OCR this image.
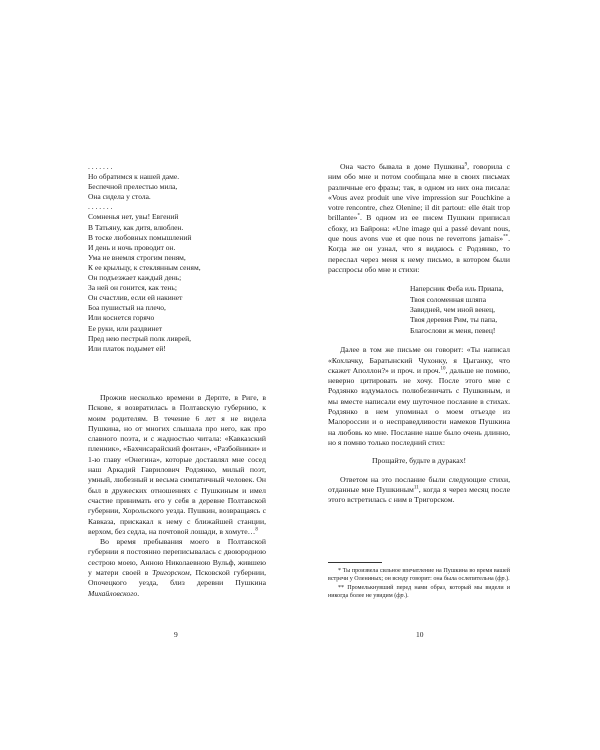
. . . . . . .
Но обратимся к нашей даме.
Беспечной прелестью мила,
Она сидела у стола.
. . . . . . .
Сомненья нет, увы! Евгений
В Татьяну, как дитя, влюблен.
В тоске любовных помышлений
И день и ночь проводит он.
Ума не внемля строгим пеням,
К ее крыльцу, к стеклянным сеням,
Он подъезжает каждый день;
За ней он гонится, как тень;
Он счастлив, если ей накинет
Боа пушистый на плечо,
Или коснется горячо
Ее руки, или раздвинет
Пред нею пестрый полк ливрей,
Или платок подымет ей!

Прожив несколько времени в Дерпте, в Риге, в Пскове, я возвратилась в Полтавскую губернию, к моим родителям. В течение 6 лет я не видела Пушкина, но от многих слышала про него, как про славного поэта, и с жадностью читала: «Кавказский пленник», «Бахчисарайский фонтан», «Разбойники» и 1-ю главу «Онегина», которые доставлял мне сосед наш Аркадий Гаврилович Родзянко, милый поэт, умный, любезный и весьма симпатичный человек. Он был в дружеских отношениях с Пушкиным и имел счастие принимать его у себя в деревне Полтавской губернии, Хорольского уезда. Пушкин, возвращаясь с Кавказа, прискакал к нему с ближайшей станции, верхом, без седла, на почтовой лошади, в хомуте…$^8$

Во время пребывания моего в Полтавской губернии я постоянно переписывалась с двоюродною сестрою моею, Анною Николаевною Вульф, жившею у матери своей в Тригорском, Псковской губернии, Опочецкого уезда, близ деревни Пушкина Михайловского.

9

Она часто бывала в доме Пушкина$^9$, говорила с ним обо мне и потом сообщала мне в своих письмах различные его фразы; так, в одном из них она писала: «Vous avez produit une vive impression sur Pouchkine a votre rencontre, chez Olenine; il dit partout: elle était trop brillante»*. В одном из ее писем Пушкин приписал сбоку, из Байрона: «Une image qui a passé devant nous, que nous avons vue et que nous ne reverrons jamais»**. Когда же он узнал, что я видаюсь с Родзянко, то переслал через меня к нему письмо, в котором были расспросы обо мне и стихи:

Наперсник Феба иль Приапа,
Твоя соломенная шляпа
Завидней, чем иной венец,
Твоя деревня Рим, ты папа,
Благослови ж меня, певец!

Далее в том же письме он говорит: «Ты написал «Кохлачку, Баратынский Чухонку, я Цыганку, что скажет Аполлон?» и проч. и проч.$^{10}$, дальше не помню, неверно цитировать не хочу. После этого мне с Родзянко вздумалось полюбезничать с Пушкиным, и мы вместе написали ему шуточное послание в стихах. Родзянко в нем упоминал о моем отъезде из Малороссии и о несправедливости намеков Пушкина на любовь ко мне. Послание наше было очень длинно, но я помню только последний стих:

Прощайте, будьте в дураках!

Ответом на это послание были следующие стихи, отданные мне Пушкиным$^{11}$, когда я через месяц после этого встретилась с ним в Тригорском.

* Ты произвела сильное впечатление на Пушкина во время вашей встречи у Олениных; он всюду говорит: она была ослепительна (фр.).

** Промелькнувший перед нами образ, который мы видели и никогда более не увидим (фр.).

10
